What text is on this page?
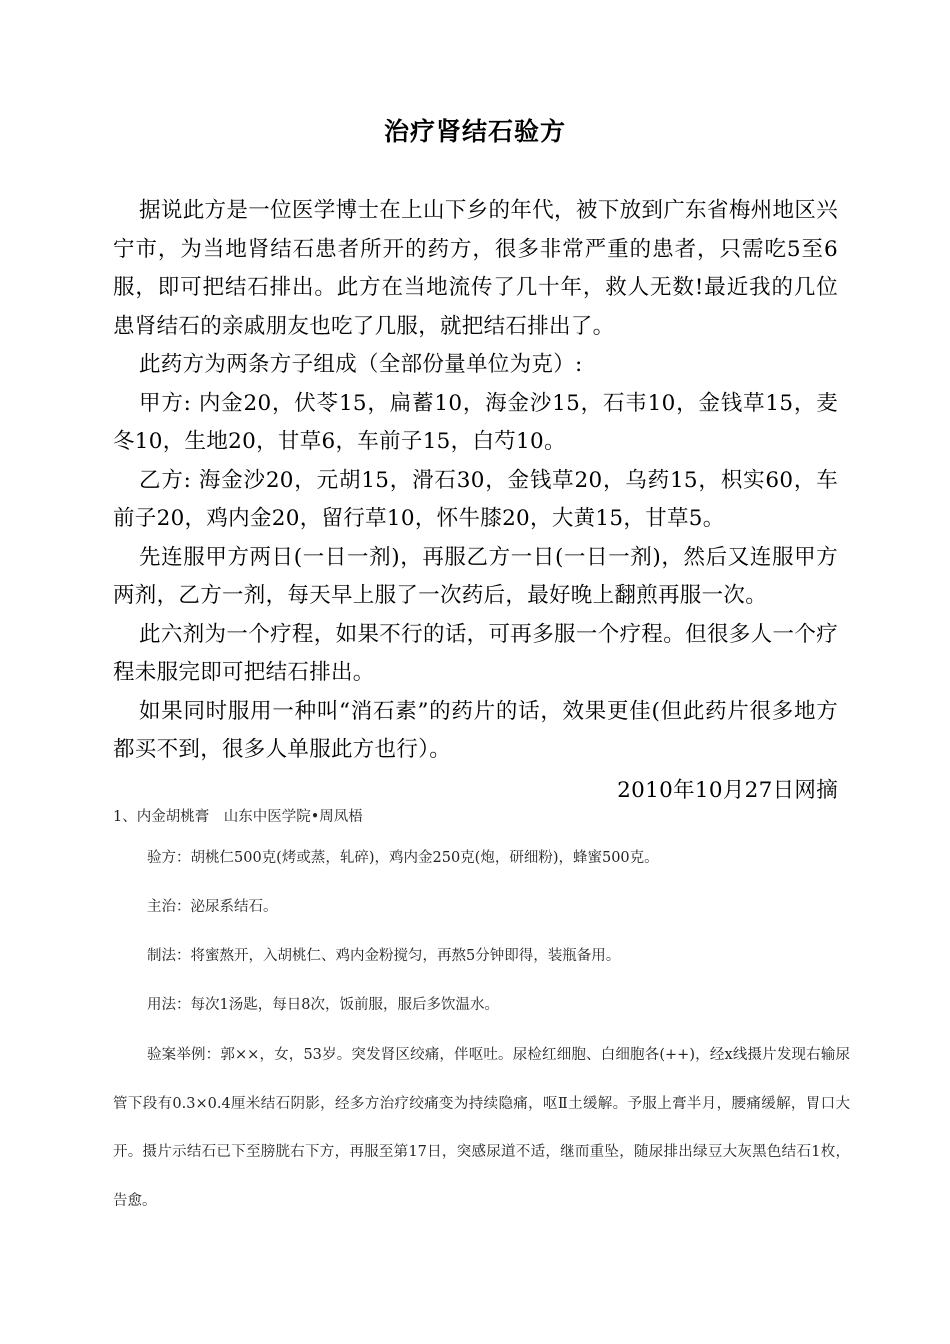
治疗肾结石验方

据说此方是一位医学博士在上山下乡的年代，被下放到广东省梅州地区兴宁市，为当地肾结石患者所开的药方，很多非常严重的患者，只需吃5至6服，即可把结石排出。此方在当地流传了几十年，救人无数!最近我的几位患肾结石的亲戚朋友也吃了几服，就把结石排出了。

此药方为两条方子组成（全部份量单位为克）:

甲方: 内金20，伏苓15，扁蓄10，海金沙15，石韦10，金钱草15，麦冬10，生地20，甘草6，车前子15，白芍10。

乙方: 海金沙20，元胡15，滑石30，金钱草20，乌药15，枳实60，车前子20，鸡内金20，留行草10，怀牛膝20，大黄15，甘草5。

先连服甲方两日(一日一剂)，再服乙方一日(一日一剂)，然后又连服甲方两剂，乙方一剂，每天早上服了一次药后，最好晚上翻煎再服一次。

此六剂为一个疗程，如果不行的话，可再多服一个疗程。但很多人一个疗程未服完即可把结石排出。

如果同时服用一种叫“消石素”的药片的话，效果更佳(但此药片很多地方都买不到，很多人单服此方也行）。

2010年10月27日网摘

1、内金胡桃膏　山东中医学院•周凤梧

验方：胡桃仁500克(烤或蒸，轧碎)，鸡内金250克(炮，研细粉)，蜂蜜500克。

主治：泌尿系结石。

制法：将蜜熬开，入胡桃仁、鸡内金粉搅匀，再熬5分钟即得，装瓶备用。

用法：每次1汤匙，每日8次，饭前服，服后多饮温水。

验案举例：郭××，女，53岁。突发肾区绞痛，伴呕吐。尿检红细胞、白细胞各(++)，经x线摄片发现右输尿管下段有0.3×0.4厘米结石阴影，经多方治疗绞痛变为持续隐痛，呕Ⅱ土缓解。予服上膏半月，腰痛缓解，胃口大开。摄片示结石已下至膀胱右下方，再服至第17日，突感尿道不适，继而重坠，随尿排出绿豆大灰黑色结石1枚，告愈。
